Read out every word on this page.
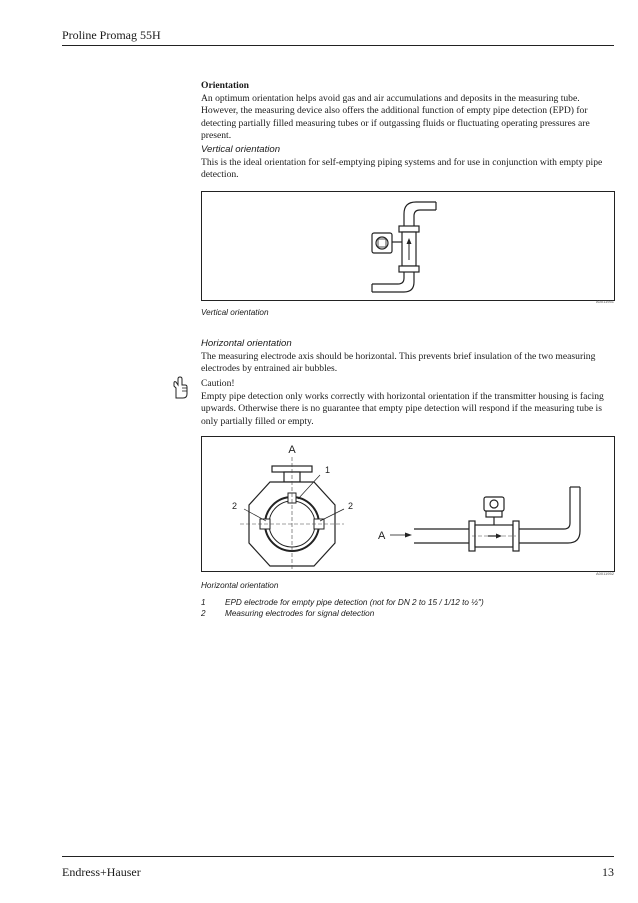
Proline Promag 55H

Orientation

An optimum orientation helps avoid gas and air accumulations and deposits in the measuring tube. However, the measuring device also offers the additional function of empty pipe detection (EPD) for detecting partially filled measuring tubes or if outgassing fluids or fluctuating operating pressures are present.

Vertical orientation

This is the ideal orientation for self-emptying piping systems and for use in conjunction with empty pipe detection.

A0011951
Vertical orientation

Horizontal orientation

The measuring electrode axis should be horizontal. This prevents brief insulation of the two measuring electrodes by entrained air bubbles.

Caution!

Empty pipe detection only works correctly with horizontal orientation if the transmitter housing is facing upwards. Otherwise there is no guarantee that empty pipe detection will respond if the measuring tube is only partially filled or empty.

A
1
2	2
A
A0011952
Horizontal orientation
1	EPD electrode for empty pipe detection (not for DN 2 to 15 / 1/12 to ½")
2	Measuring electrodes for signal detection
Endress+Hauser	13
